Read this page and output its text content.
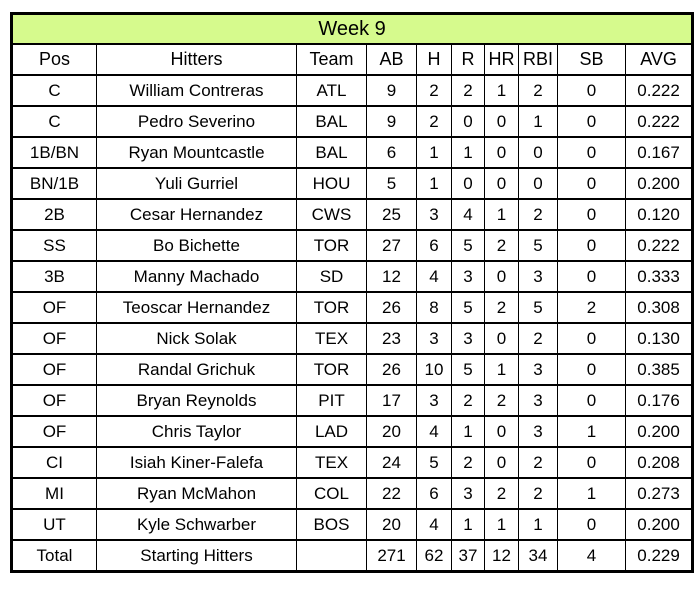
Week 9									
Pos	Hitters	Team	AB	H	R	HR	RBI	SB	AVG
C	William Contreras	ATL	9	2	2	1	2	0	0.222
C	Pedro Severino	BAL	9	2	0	0	1	0	0.222
1B/BN	Ryan Mountcastle	BAL	6	1	1	0	0	0	0.167
BN/1B	Yuli Gurriel	HOU	5	1	0	0	0	0	0.200
2B	Cesar Hernandez	CWS	25	3	4	1	2	0	0.120
SS	Bo Bichette	TOR	27	6	5	2	5	0	0.222
3B	Manny Machado	SD	12	4	3	0	3	0	0.333
OF	Teoscar Hernandez	TOR	26	8	5	2	5	2	0.308
OF	Nick Solak	TEX	23	3	3	0	2	0	0.130
OF	Randal Grichuk	TOR	26	10	5	1	3	0	0.385
OF	Bryan Reynolds	PIT	17	3	2	2	3	0	0.176
OF	Chris Taylor	LAD	20	4	1	0	3	1	0.200
CI	Isiah Kiner-Falefa	TEX	24	5	2	0	2	0	0.208
MI	Ryan McMahon	COL	22	6	3	2	2	1	0.273
UT	Kyle Schwarber	BOS	20	4	1	1	1	0	0.200
Total	Starting Hitters		271	62	37	12	34	4	0.229
